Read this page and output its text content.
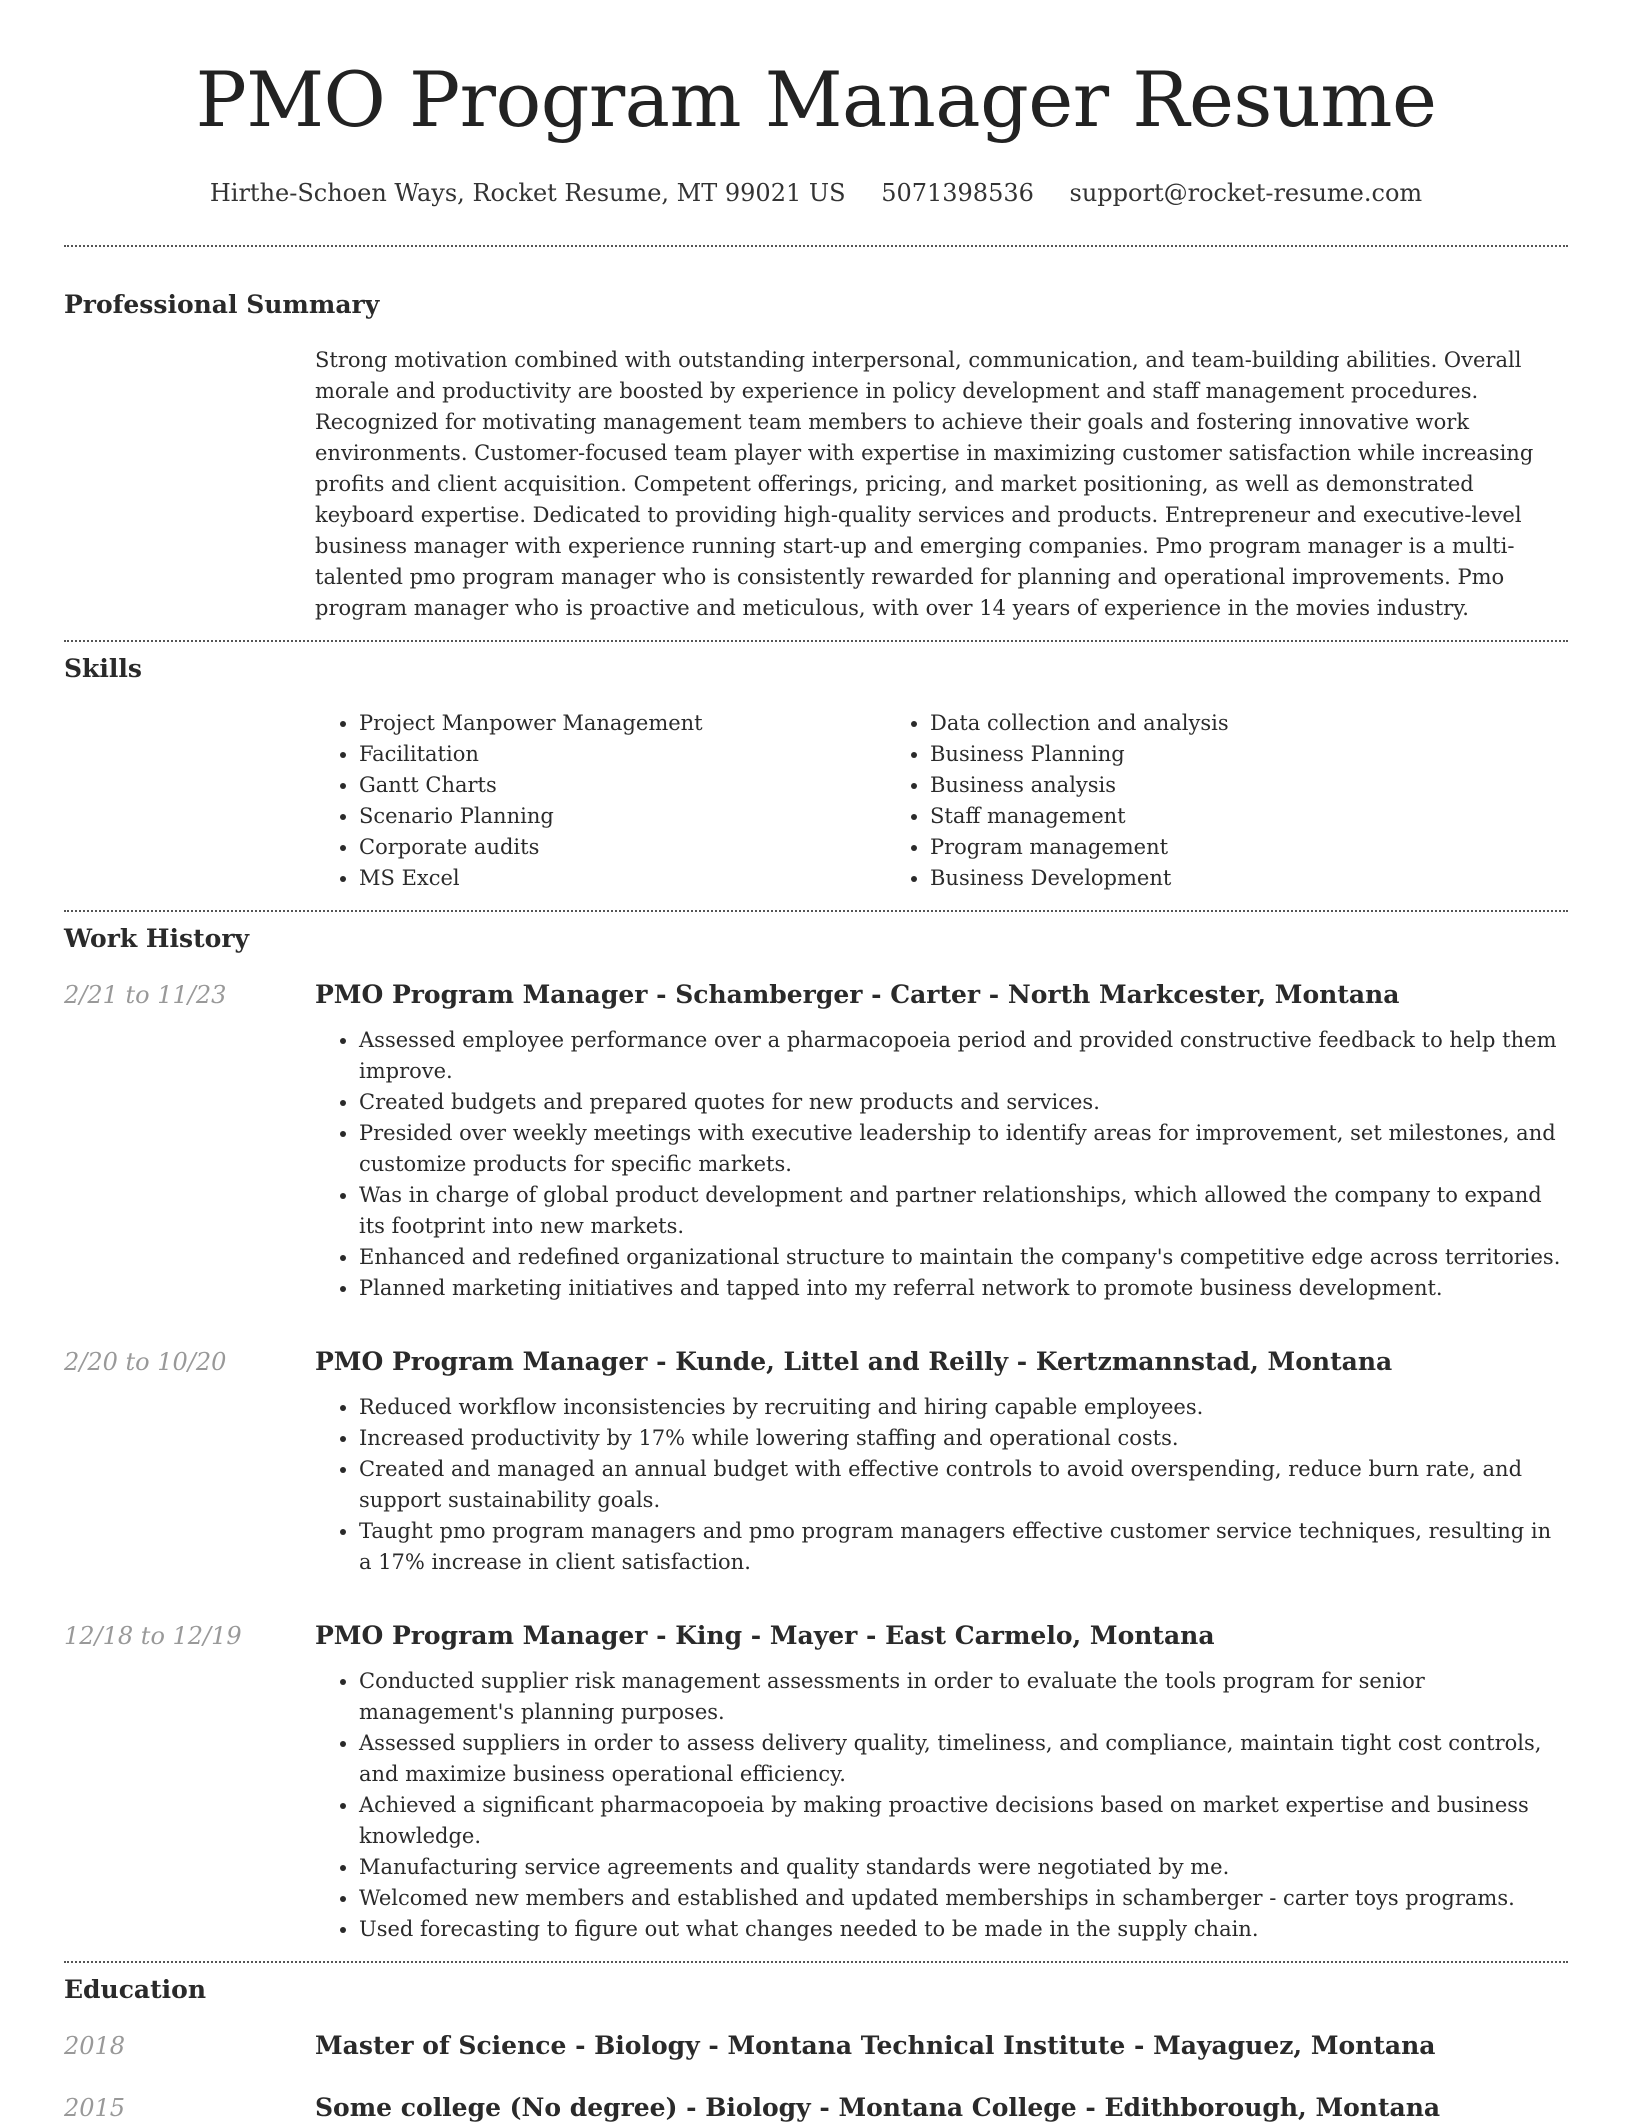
PMO Program Manager Resume
Hirthe-Schoen Ways, Rocket Resume, MT 99021 US 5071398536 support@rocket-resume.com
Professional Summary

Strong motivation combined with outstanding interpersonal, communication, and team-building abilities. Overall morale and productivity are boosted by experience in policy development and staff management procedures. Recognized for motivating management team members to achieve their goals and fostering innovative work environments. Customer-focused team player with expertise in maximizing customer satisfaction while increasing profits and client acquisition. Competent offerings, pricing, and market positioning, as well as demonstrated keyboard expertise. Dedicated to providing high-quality services and products. Entrepreneur and executive-level business manager with experience running start-up and emerging companies. Pmo program manager is a multi-talented pmo program manager who is consistently rewarded for planning and operational improvements. Pmo program manager who is proactive and meticulous, with over 14 years of experience in the movies industry.

Skills
• Project Manpower Management
• Facilitation
• Gantt Charts
• Scenario Planning
• Corporate audits
• MS Excel
• Data collection and analysis
• Business Planning
• Business analysis
• Staff management
• Program management
• Business Development
Work History
2/21 to 11/23	PMO Program Manager - Schamberger - Carter - North Markcester, Montana
• Assessed employee performance over a pharmacopoeia period and provided constructive feedback to help them improve.
• Created budgets and prepared quotes for new products and services.
• Presided over weekly meetings with executive leadership to identify areas for improvement, set milestones, and customize products for specific markets.
• Was in charge of global product development and partner relationships, which allowed the company to expand its footprint into new markets.
• Enhanced and redefined organizational structure to maintain the company's competitive edge across territories.
• Planned marketing initiatives and tapped into my referral network to promote business development.
2/20 to 10/20	PMO Program Manager - Kunde, Littel and Reilly - Kertzmannstad, Montana
• Reduced workflow inconsistencies by recruiting and hiring capable employees.
• Increased productivity by 17% while lowering staffing and operational costs.
• Created and managed an annual budget with effective controls to avoid overspending, reduce burn rate, and support sustainability goals.
• Taught pmo program managers and pmo program managers effective customer service techniques, resulting in a 17% increase in client satisfaction.
12/18 to 12/19	PMO Program Manager - King - Mayer - East Carmelo, Montana
• Conducted supplier risk management assessments in order to evaluate the tools program for senior management's planning purposes.
• Assessed suppliers in order to assess delivery quality, timeliness, and compliance, maintain tight cost controls, and maximize business operational efficiency.
• Achieved a significant pharmacopoeia by making proactive decisions based on market expertise and business knowledge.
• Manufacturing service agreements and quality standards were negotiated by me.
• Welcomed new members and established and updated memberships in schamberger - carter toys programs.
• Used forecasting to figure out what changes needed to be made in the supply chain.
Education
2018	Master of Science - Biology - Montana Technical Institute - Mayaguez, Montana
2015	Some college (No degree) - Biology - Montana College - Edithborough, Montana
